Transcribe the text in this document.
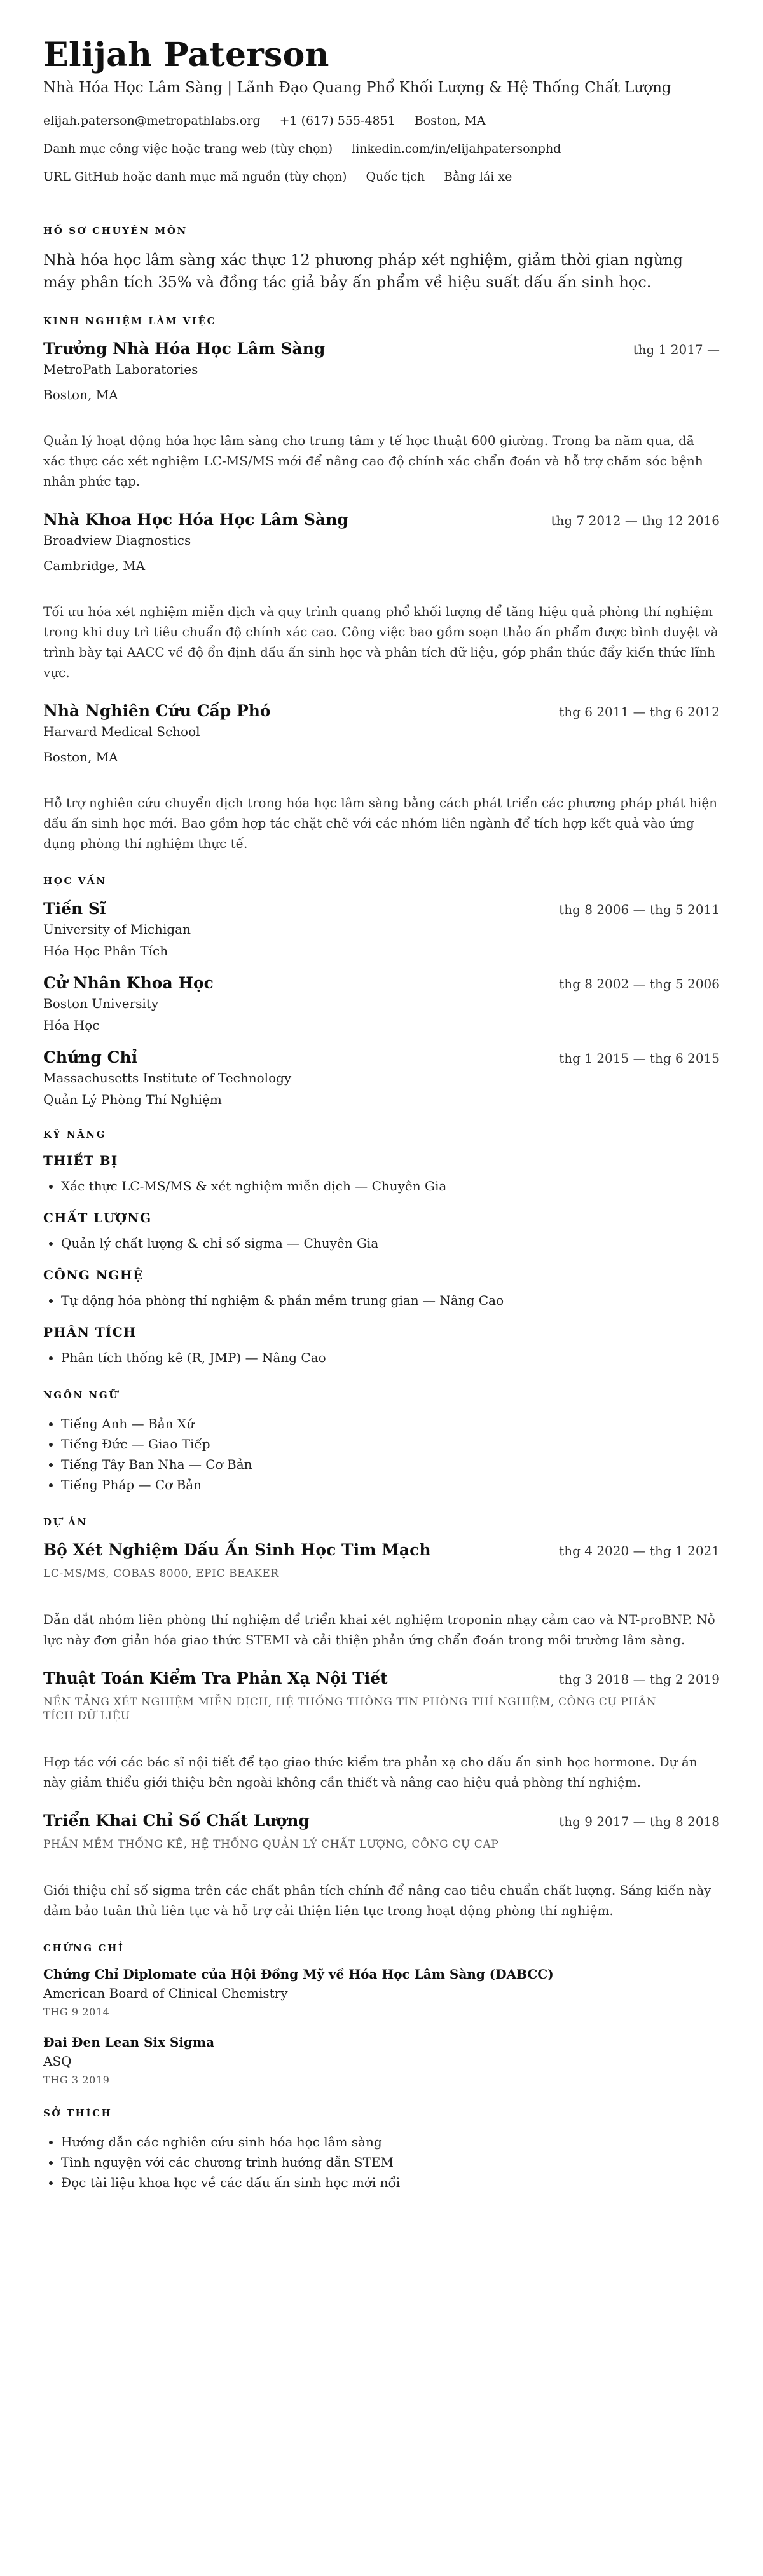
Elijah Paterson
Nhà Hóa Học Lâm Sàng | Lãnh Đạo Quang Phổ Khối Lượng & Hệ Thống Chất Lượng
elijah.paterson@metropathlabs.org +1 (617) 555-4851 Boston, MA
Danh mục công việc hoặc trang web (tùy chọn) linkedin.com/in/elijahpatersonphd
URL GitHub hoặc danh mục mã nguồn (tùy chọn) Quốc tịch Bằng lái xe
HỒ SƠ CHUYÊN MÔN

Nhà hóa học lâm sàng xác thực 12 phương pháp xét nghiệm, giảm thời gian ngừng máy phân tích 35% và đồng tác giả bảy ấn phẩm về hiệu suất dấu ấn sinh học.

KINH NGHIỆM LÀM VIỆC
Trưởng Nhà Hóa Học Lâm Sàng	thg 1 2017 —
MetroPath Laboratories
Boston, MA
Quản lý hoạt động hóa học lâm sàng cho trung tâm y tế học thuật 600 giường. Trong ba năm qua, đã xác thực các xét nghiệm LC-MS/MS mới để nâng cao độ chính xác chẩn đoán và hỗ trợ chăm sóc bệnh nhân phức tạp.
Nhà Khoa Học Hóa Học Lâm Sàng	thg 7 2012 — thg 12 2016
Broadview Diagnostics
Cambridge, MA
Tối ưu hóa xét nghiệm miễn dịch và quy trình quang phổ khối lượng để tăng hiệu quả phòng thí nghiệm trong khi duy trì tiêu chuẩn độ chính xác cao. Công việc bao gồm soạn thảo ấn phẩm được bình duyệt và trình bày tại AACC về độ ổn định dấu ấn sinh học và phân tích dữ liệu, góp phần thúc đẩy kiến thức lĩnh vực.
Nhà Nghiên Cứu Cấp Phó	thg 6 2011 — thg 6 2012
Harvard Medical School
Boston, MA
Hỗ trợ nghiên cứu chuyển dịch trong hóa học lâm sàng bằng cách phát triển các phương pháp phát hiện dấu ấn sinh học mới. Bao gồm hợp tác chặt chẽ với các nhóm liên ngành để tích hợp kết quả vào ứng dụng phòng thí nghiệm thực tế.
HỌC VẤN
Tiến Sĩ	thg 8 2006 — thg 5 2011
University of Michigan
Hóa Học Phân Tích
Cử Nhân Khoa Học	thg 8 2002 — thg 5 2006
Boston University
Hóa Học
Chứng Chỉ	thg 1 2015 — thg 6 2015
Massachusetts Institute of Technology
Quản Lý Phòng Thí Nghiệm
KỸ NĂNG
THIẾT BỊ
• Xác thực LC-MS/MS & xét nghiệm miễn dịch — Chuyên Gia
CHẤT LƯỢNG
• Quản lý chất lượng & chỉ số sigma — Chuyên Gia
CÔNG NGHỆ
• Tự động hóa phòng thí nghiệm & phần mềm trung gian — Nâng Cao
PHÂN TÍCH
• Phân tích thống kê (R, JMP) — Nâng Cao
NGÔN NGỮ
• Tiếng Anh — Bản Xứ
• Tiếng Đức — Giao Tiếp
• Tiếng Tây Ban Nha — Cơ Bản
• Tiếng Pháp — Cơ Bản
DỰ ÁN
Bộ Xét Nghiệm Dấu Ấn Sinh Học Tim Mạch	thg 4 2020 — thg 1 2021
LC-MS/MS, COBAS 8000, EPIC BEAKER
Dẫn dắt nhóm liên phòng thí nghiệm để triển khai xét nghiệm troponin nhạy cảm cao và NT-proBNP. Nỗ lực này đơn giản hóa giao thức STEMI và cải thiện phản ứng chẩn đoán trong môi trường lâm sàng.
Thuật Toán Kiểm Tra Phản Xạ Nội Tiết	thg 3 2018 — thg 2 2019
NỀN TẢNG XÉT NGHIỆM MIỄN DỊCH, HỆ THỐNG THÔNG TIN PHÒNG THÍ NGHIỆM, CÔNG CỤ PHÂN TÍCH DỮ LIỆU
Hợp tác với các bác sĩ nội tiết để tạo giao thức kiểm tra phản xạ cho dấu ấn sinh học hormone. Dự án này giảm thiểu giới thiệu bên ngoài không cần thiết và nâng cao hiệu quả phòng thí nghiệm.
Triển Khai Chỉ Số Chất Lượng	thg 9 2017 — thg 8 2018
PHẦN MỀM THỐNG KÊ, HỆ THỐNG QUẢN LÝ CHẤT LƯỢNG, CÔNG CỤ CAP
Giới thiệu chỉ số sigma trên các chất phân tích chính để nâng cao tiêu chuẩn chất lượng. Sáng kiến này đảm bảo tuân thủ liên tục và hỗ trợ cải thiện liên tục trong hoạt động phòng thí nghiệm.
CHỨNG CHỈ
Chứng Chỉ Diplomate của Hội Đồng Mỹ về Hóa Học Lâm Sàng (DABCC)
American Board of Clinical Chemistry
THG 9 2014
Đai Đen Lean Six Sigma
ASQ
THG 3 2019
SỞ THÍCH
• Hướng dẫn các nghiên cứu sinh hóa học lâm sàng
• Tình nguyện với các chương trình hướng dẫn STEM
• Đọc tài liệu khoa học về các dấu ấn sinh học mới nổi
